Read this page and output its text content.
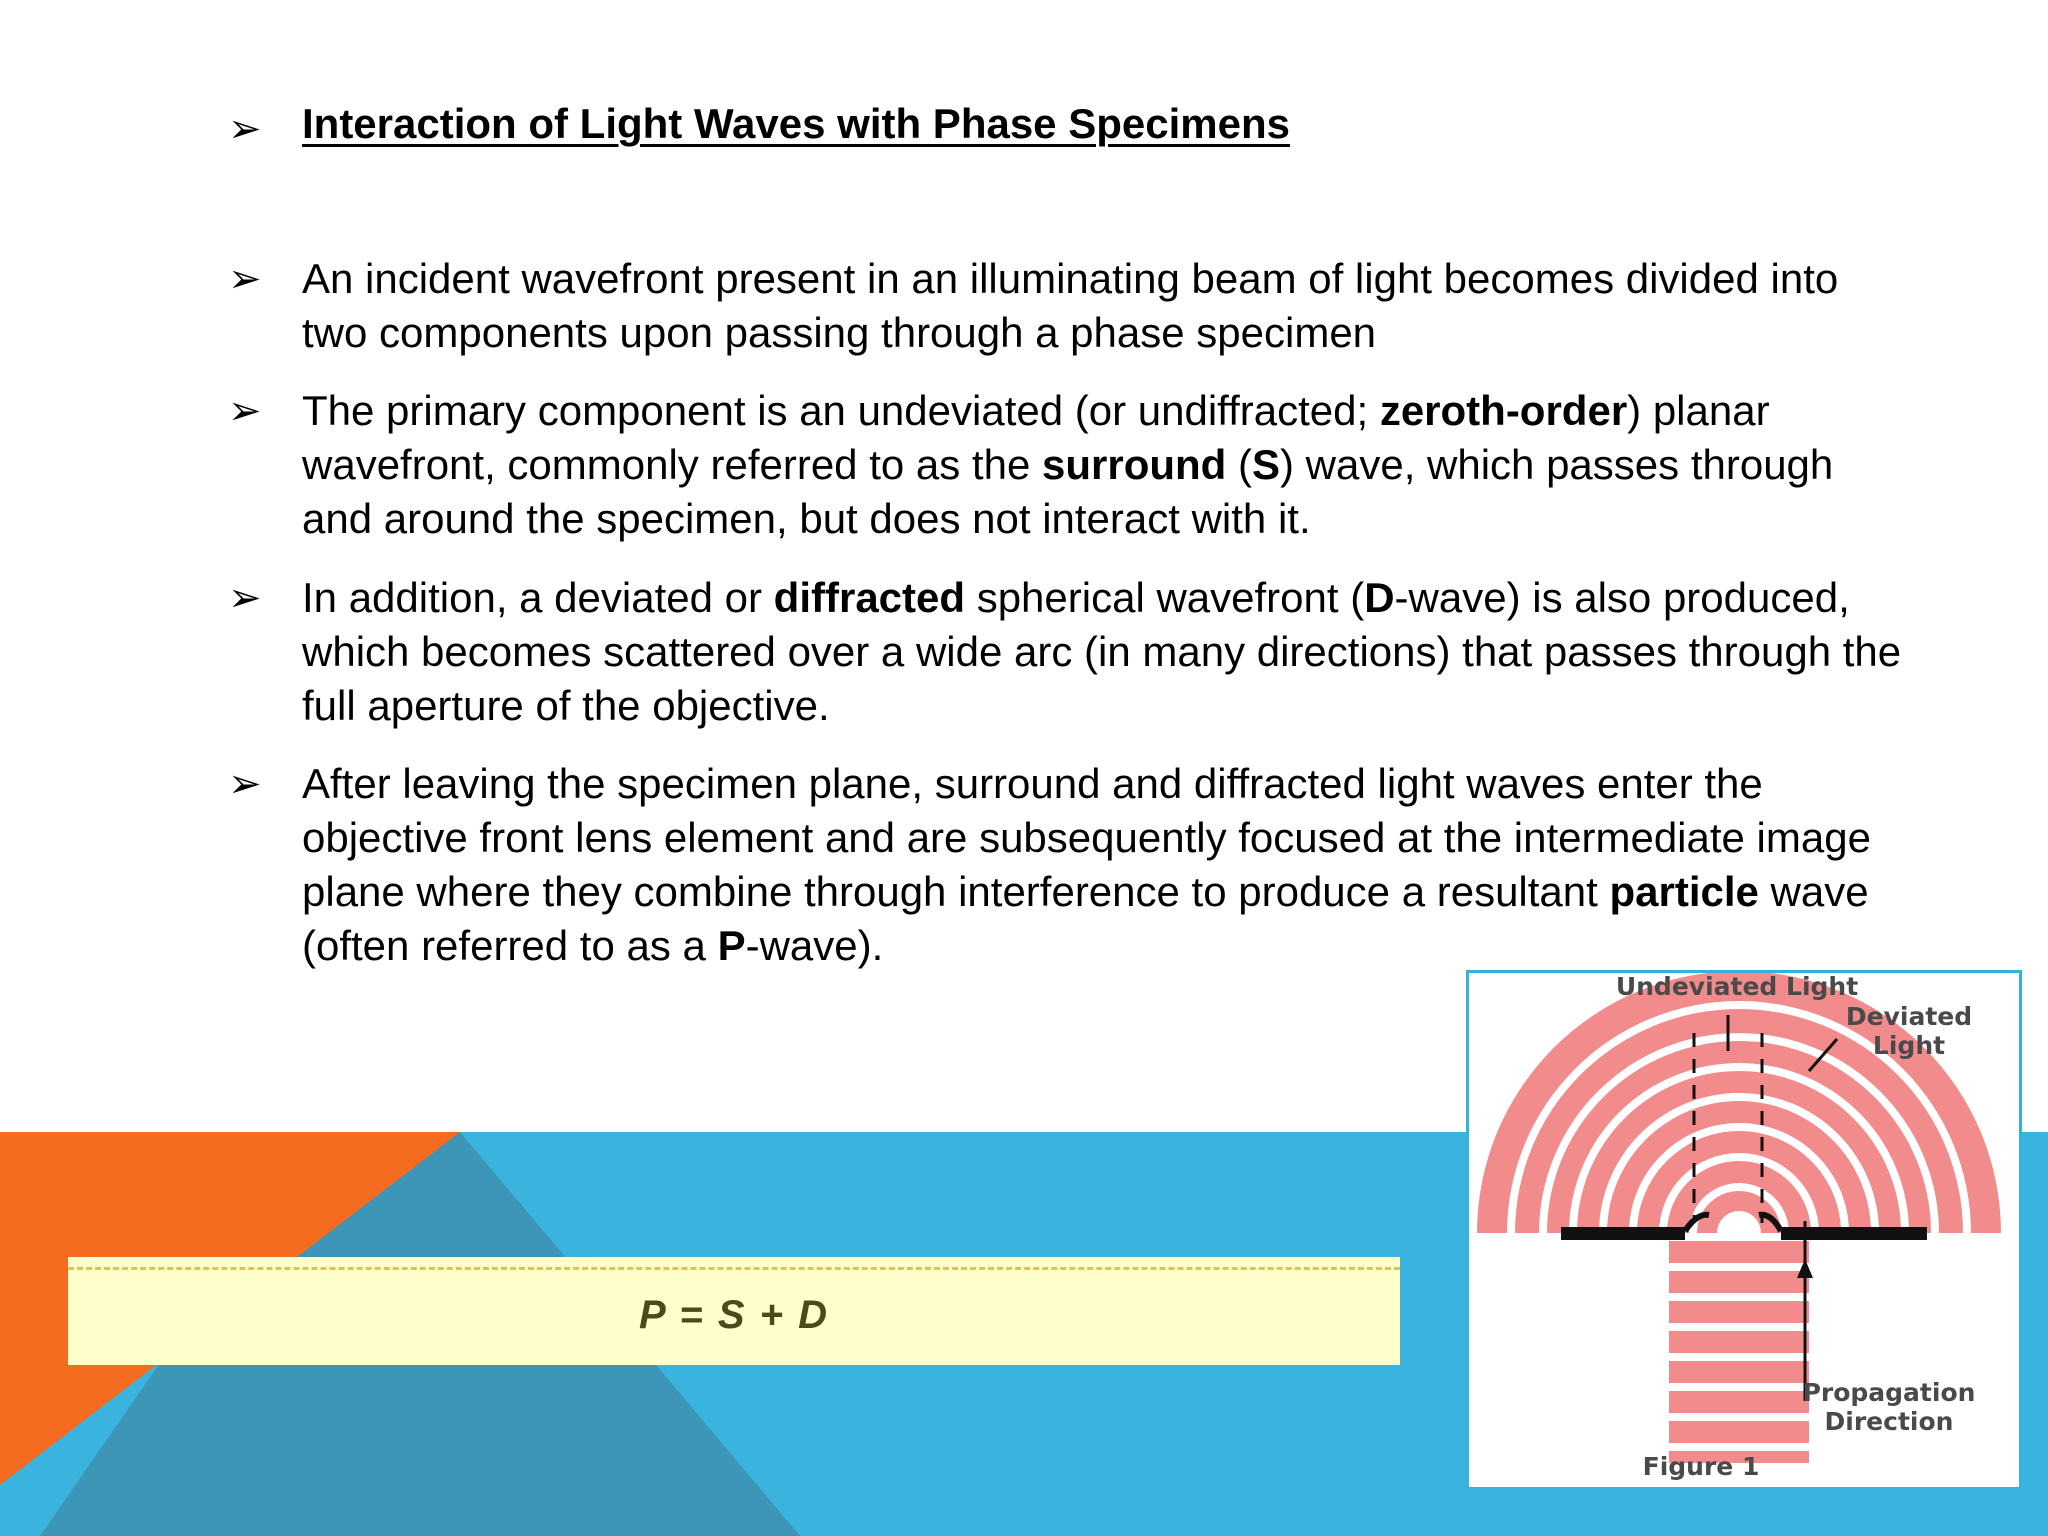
➢ Interaction of Light Waves with Phase Specimens
➢ An incident wavefront present in an illuminating beam of light becomes divided into two components upon passing through a phase specimen
➢ The primary component is an undeviated (or undiffracted; zeroth-order) planar wavefront, commonly referred to as the surround (S) wave, which passes through and around the specimen, but does not interact with it.
➢ In addition, a deviated or diffracted spherical wavefront (D-wave) is also produced, which becomes scattered over a wide arc (in many directions) that passes through the full aperture of the objective.
➢ After leaving the specimen plane, surround and diffracted light waves enter the objective front lens element and are subsequently focused at the intermediate image plane where they combine through interference to produce a resultant particle wave (often referred to as a P-wave).
P = S + D
Undeviated Light
Deviated
Light
Propagation
Direction
Figure 1
